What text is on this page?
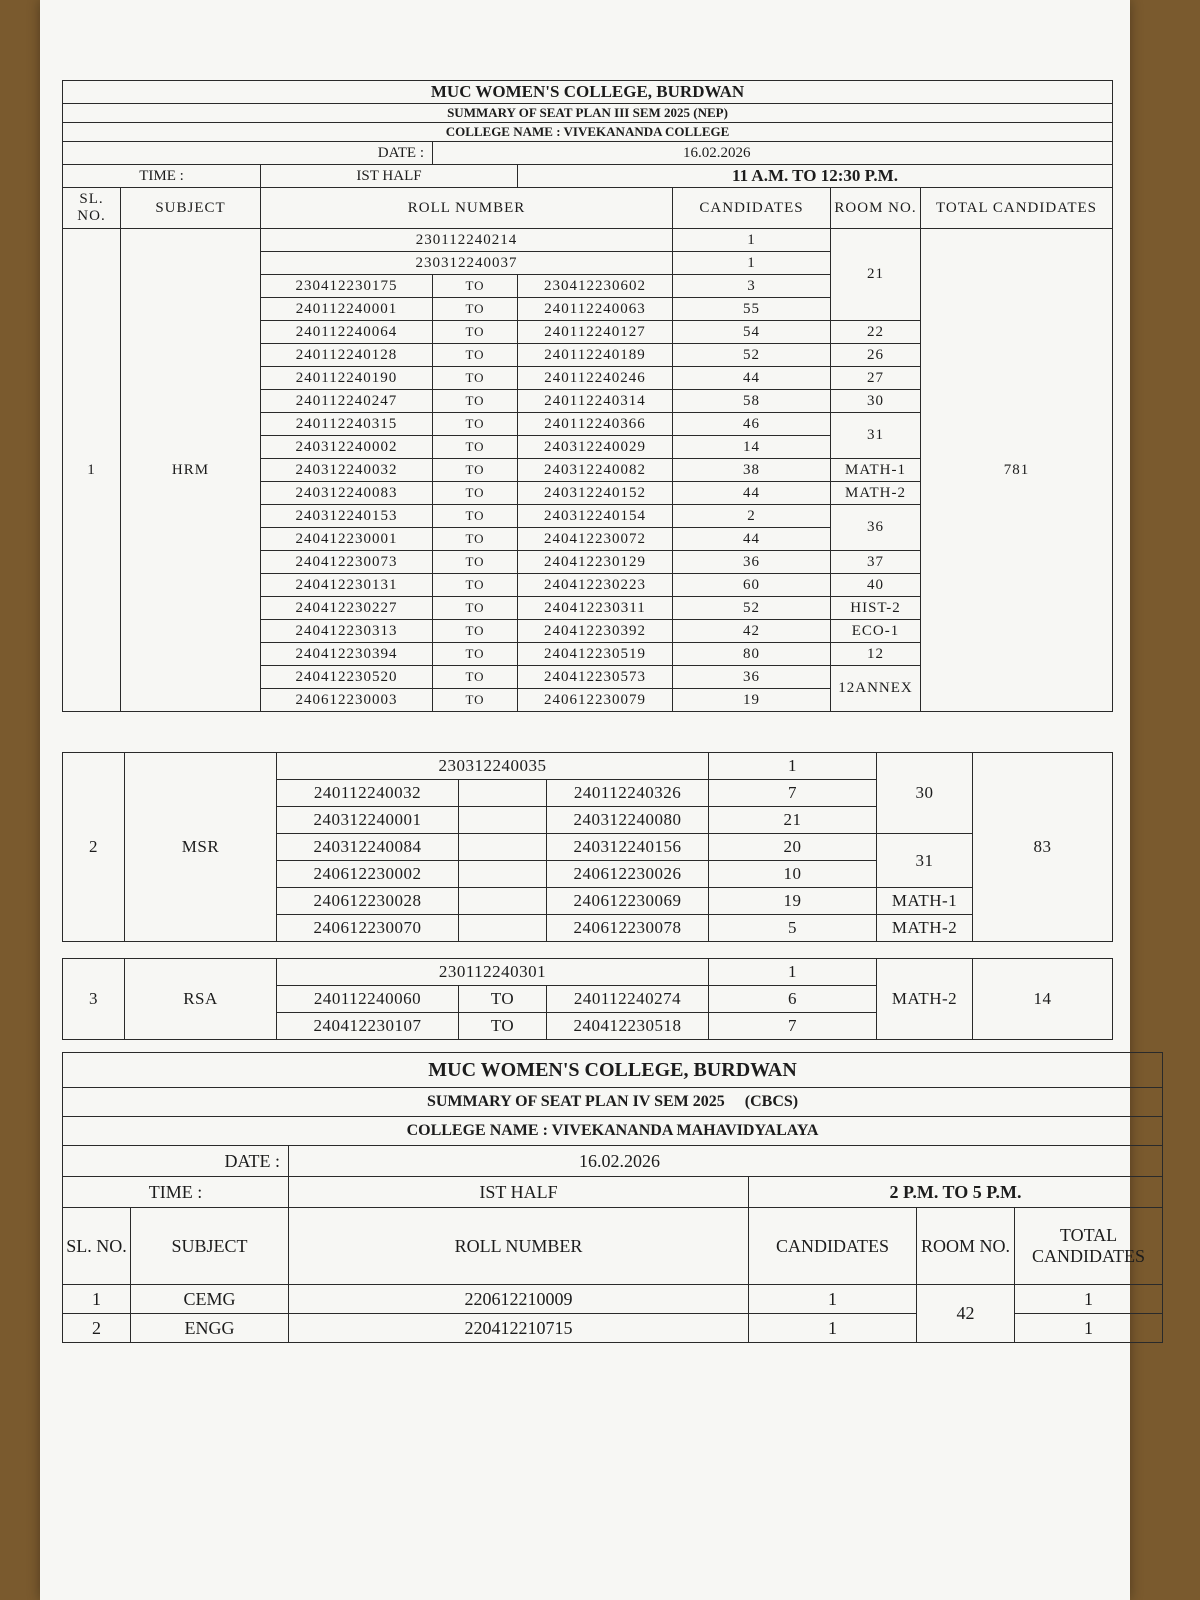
MUC WOMEN'S COLLEGE, BURDWAN							
SUMMARY OF SEAT PLAN III SEM 2025 (NEP)							
COLLEGE NAME : VIVEKANANDA COLLEGE							
DATE :			16.02.2026				
TIME :		IST HALF		11 A.M. TO 12:30 P.M.			
SL. NO.	SUBJECT	ROLL NUMBER			CANDIDATES	ROOM NO.	TOTAL CANDIDATES
1	HRM	230112240214			1	21	781
		230312240037			1		
		230412230175	TO	230412230602	3		
		240112240001	TO	240112240063	55		
		240112240064	TO	240112240127	54	22	
		240112240128	TO	240112240189	52	26	
		240112240190	TO	240112240246	44	27	
		240112240247	TO	240112240314	58	30	
		240112240315	TO	240112240366	46	31	
		240312240002	TO	240312240029	14		
		240312240032	TO	240312240082	38	MATH-1	
		240312240083	TO	240312240152	44	MATH-2	
		240312240153	TO	240312240154	2	36	
		240412230001	TO	240412230072	44		
		240412230073	TO	240412230129	36	37	
		240412230131	TO	240412230223	60	40	
		240412230227	TO	240412230311	52	HIST-2	
		240412230313	TO	240412230392	42	ECO-1	
		240412230394	TO	240412230519	80	12	
		240412230520	TO	240412230573	36	12ANNEX	
		240612230003	TO	240612230079	19		
2	MSR	230312240035			1	30	83
		240112240032		240112240326	7		
		240312240001		240312240080	21		
		240312240084		240312240156	20	31	
		240612230002		240612230026	10		
		240612230028		240612230069	19	MATH-1	
		240612230070		240612230078	5	MATH-2	
3	RSA	230112240301			1	MATH-2	14
		240112240060	TO	240112240274	6		
		240412230107	TO	240412230518	7		
MUC WOMEN'S COLLEGE, BURDWAN					
SUMMARY OF SEAT PLAN IV SEM 2025     (CBCS)					
COLLEGE NAME : VIVEKANANDA MAHAVIDYALAYA					
DATE :		16.02.2026			
TIME :		IST HALF	2 P.M. TO 5 P.M.		
SL. NO.	SUBJECT	ROLL NUMBER	CANDIDATES	ROOM NO.	TOTAL CANDIDATES
1	CEMG	220612210009	1	42	1
2	ENGG	220412210715	1		1
